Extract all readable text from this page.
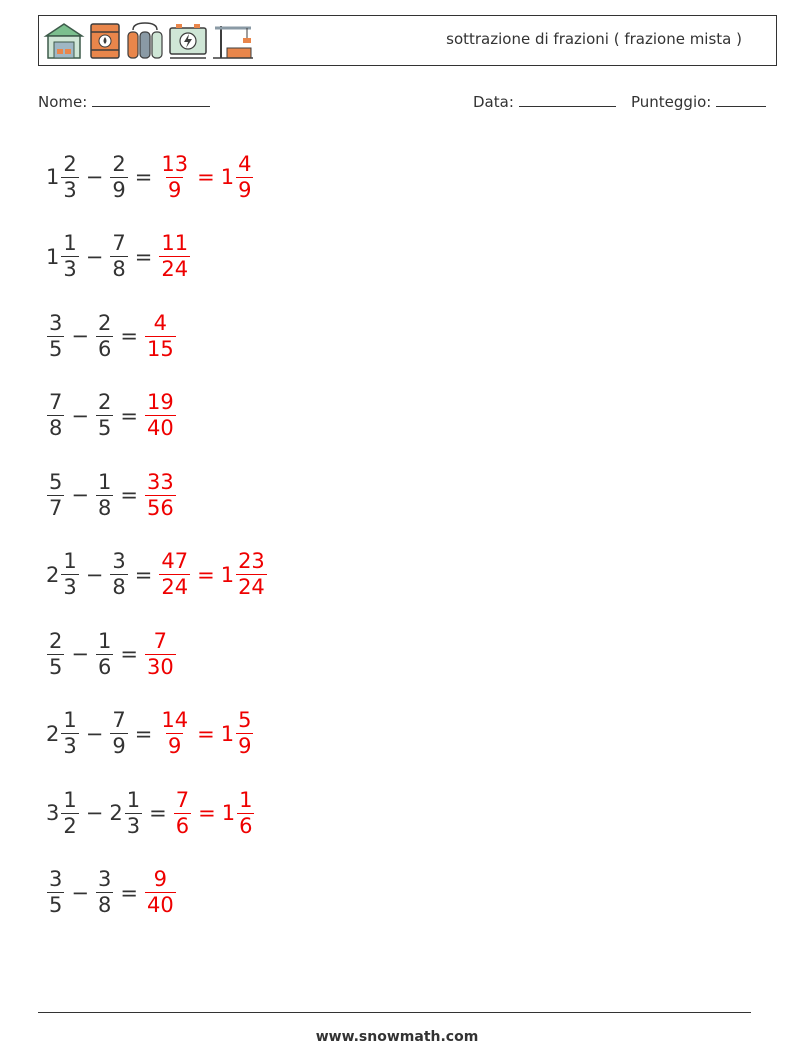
sottrazione di frazioni ( frazione mista )
Nome:	Data:	Punteggio:
$1 \frac{2}{3} - \frac{2}{9} = \frac{13}{9} = 1 \frac{4}{9}$
$1 \frac{1}{3} - \frac{7}{8} = \frac{11}{24}$
$\frac{3}{5} - \frac{2}{6} = \frac{4}{15}$
$\frac{7}{8} - \frac{2}{5} = \frac{19}{40}$
$\frac{5}{7} - \frac{1}{8} = \frac{33}{56}$
$2 \frac{1}{3} - \frac{3}{8} = \frac{47}{24} = 1 \frac{23}{24}$
$\frac{2}{5} - \frac{1}{6} = \frac{7}{30}$
$2 \frac{1}{3} - \frac{7}{9} = \frac{14}{9} = 1 \frac{5}{9}$
$3 \frac{1}{2} - 2 \frac{1}{3} = \frac{7}{6} = 1 \frac{1}{6}$
$\frac{3}{5} - \frac{3}{8} = \frac{9}{40}$
www.snowmath.com
